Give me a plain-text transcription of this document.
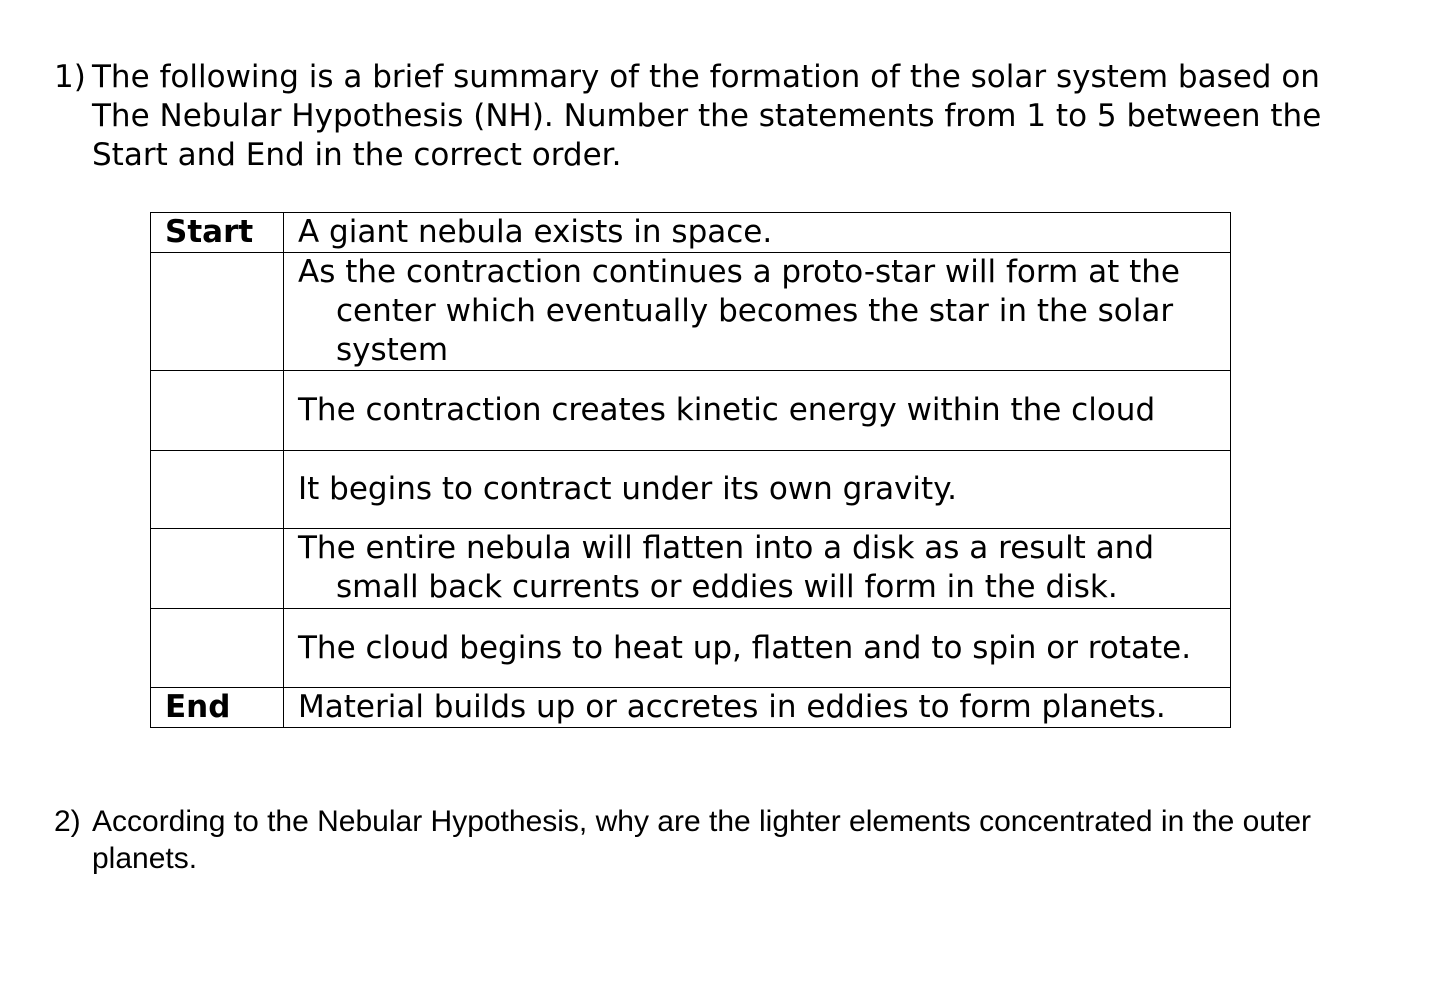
1) The following is a brief summary of the formation of the solar system based on The Nebular Hypothesis (NH). Number the statements from 1 to 5 between the Start and End in the correct order.
Start	A giant nebula exists in space.

	As the contraction continues a proto-star will form at the center which eventually becomes the star in the solar system

	The contraction creates kinetic energy within the cloud

	It begins to contract under its own gravity.

	The entire nebula will flatten into a disk as a result and small back currents or eddies will form in the disk.

	The cloud begins to heat up, flatten and to spin or rotate.

End	Material builds up or accretes in eddies to form planets.
2) According to the Nebular Hypothesis, why are the lighter elements concentrated in the outer planets.
